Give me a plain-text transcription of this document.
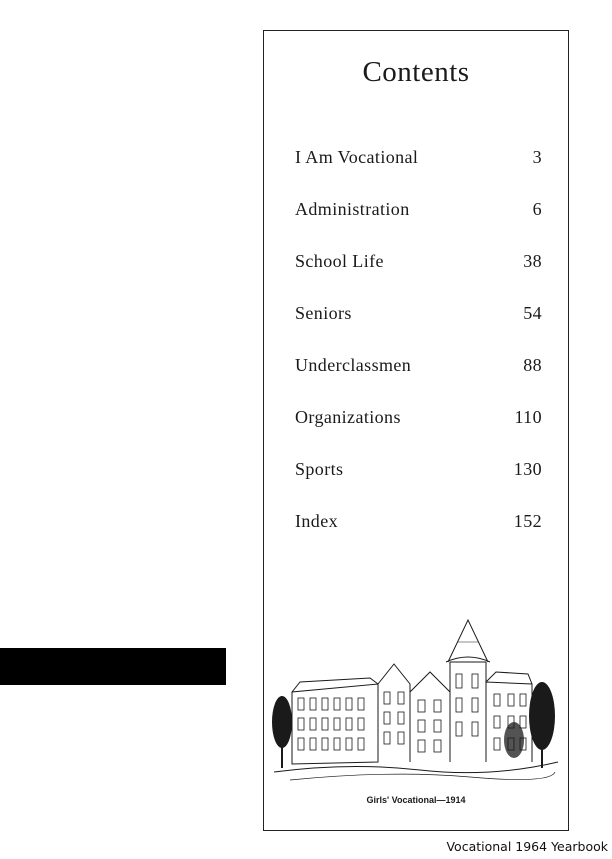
Contents
I Am Vocational	3
Administration	6
School Life	38
Seniors	54
Underclassmen	88
Organizations	110
Sports	130
Index	152
Girls' Vocational—1914
Vocational 1964 Yearbook
